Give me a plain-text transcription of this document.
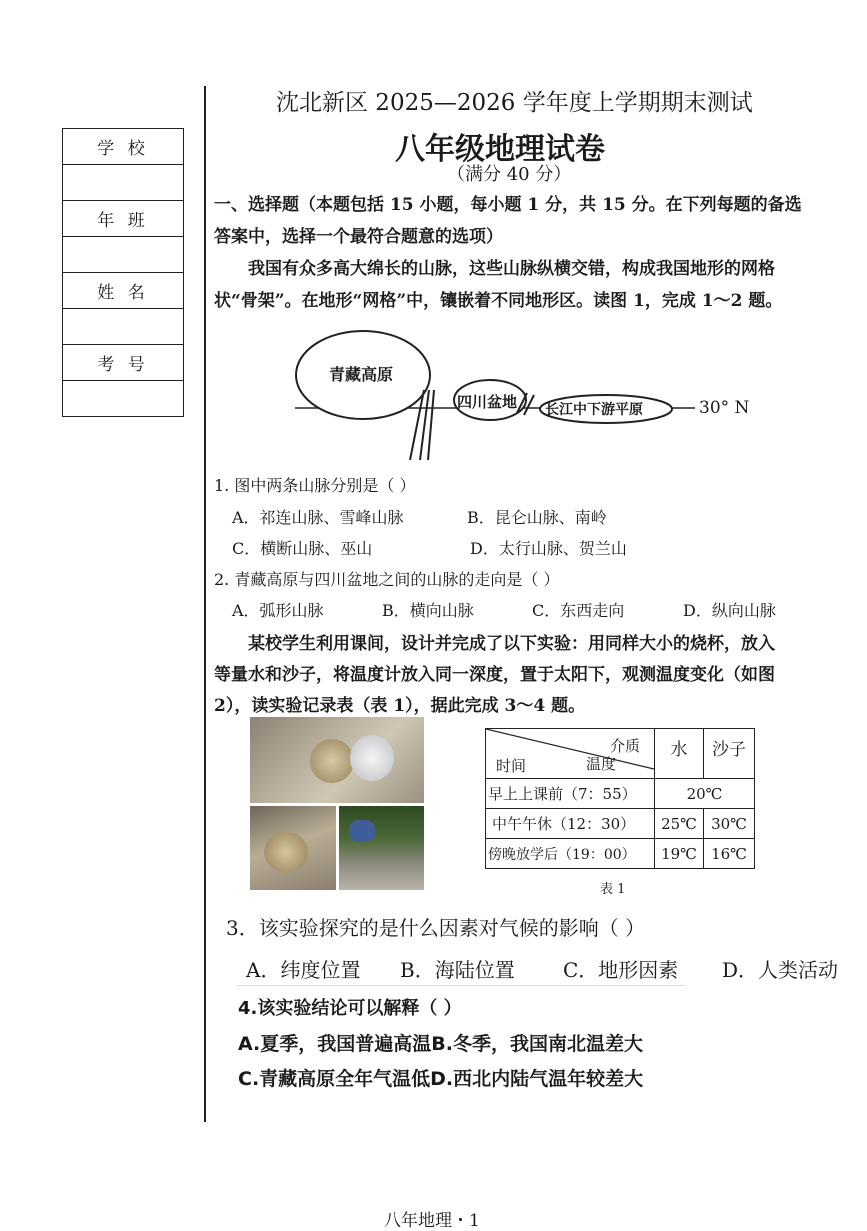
学 校

年 班

姓 名

考 号

沈北新区 2025—2026 学年度上学期期末测试
八年级地理试卷
（满分 40 分）
一、选择题（本题包括 15 小题，每小题 1 分，共 15 分。在下列每题的备选
答案中，选择一个最符合题意的选项）
我国有众多高大绵长的山脉，这些山脉纵横交错，构成我国地形的网格
状“骨架”。在地形“网格”中，镶嵌着不同地形区。读图 1，完成 1～2 题。
青藏高原
四川盆地 长江中下游平原	30° N
1. 图中两条山脉分别是（ ）
A．祁连山脉、雪峰山脉	B．昆仑山脉、南岭
C．横断山脉、巫山	D．太行山脉、贺兰山
2. 青藏高原与四川盆地之间的山脉的走向是（ ）
A．弧形山脉	B．横向山脉	C．东西走向	D．纵向山脉
某校学生利用课间，设计并完成了以下实验：用同样大小的烧杯，放入
等量水和沙子，将温度计放入同一深度，置于太阳下，观测温度变化（如图
2），读实验记录表（表 1），据此完成 3～4 题。
介质
温度
时间	水	沙子
早上上课前（7：55）	20℃	
中午午休（12：30）	25℃	30℃
傍晚放学后（19：00）	19℃	16℃
表 1
3．该实验探究的是什么因素对气候的影响（ ）
A．纬度位置 B．海陆位置 C．地形因素 D．人类活动
4.该实验结论可以解释（ ）
A.夏季，我国普遍高温B.冬季，我国南北温差大
C.青藏高原全年气温低D.西北内陆气温年较差大
八年地理・1
